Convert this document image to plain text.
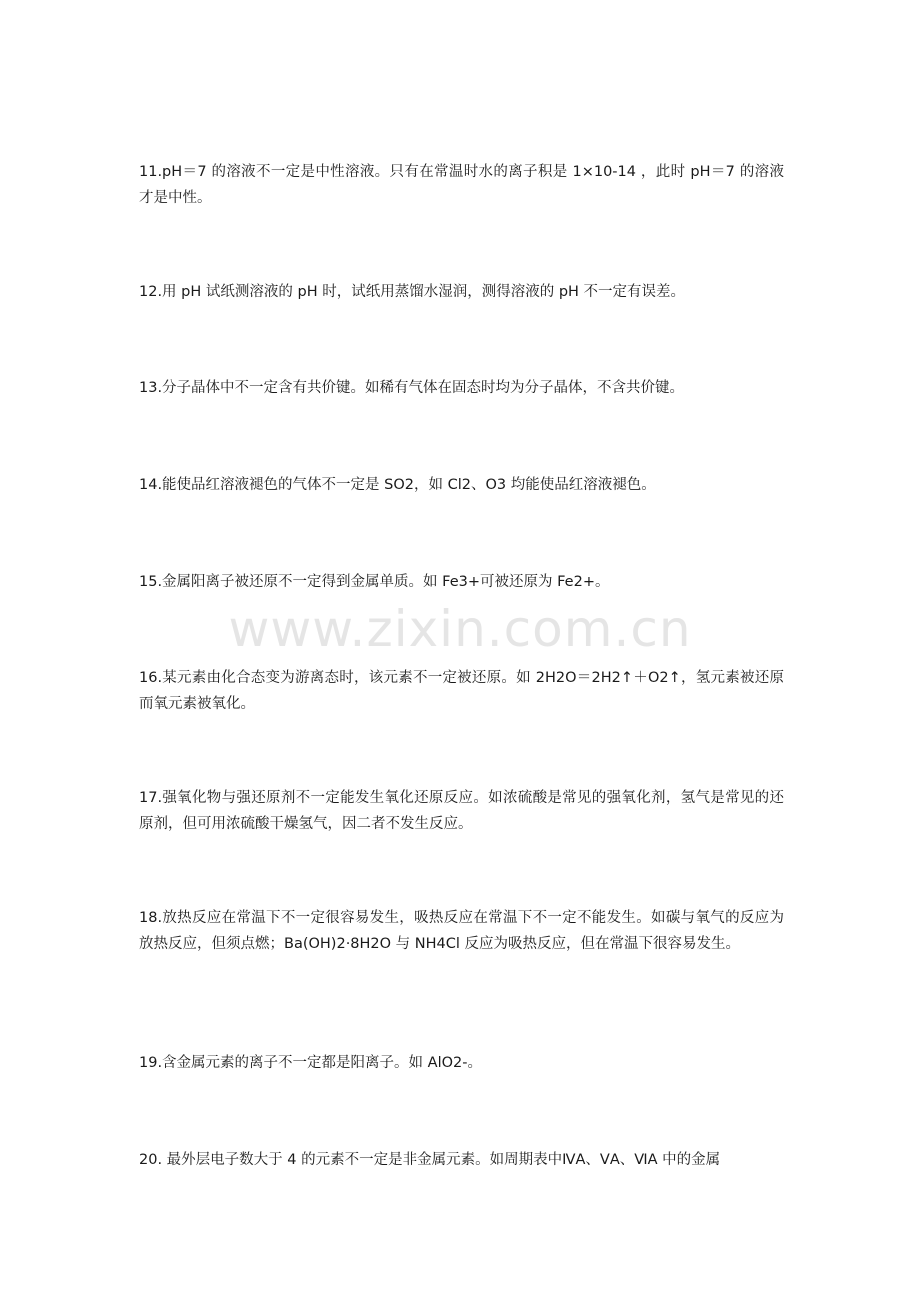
11.pH＝7 的溶液不一定是中性溶液。只有在常温时水的离子积是 1×10-14 ，此时 pH＝7 的溶液才是中性。

12.用 pH 试纸测溶液的 pH 时，试纸用蒸馏水湿润，测得溶液的 pH 不一定有误差。

13.分子晶体中不一定含有共价键。如稀有气体在固态时均为分子晶体，不含共价键。

14.能使品红溶液褪色的气体不一定是 SO2，如 Cl2、O3 均能使品红溶液褪色。

15.金属阳离子被还原不一定得到金属单质。如 Fe3+可被还原为 Fe2+。

16.某元素由化合态变为游离态时，该元素不一定被还原。如 2H2O＝2H2↑＋O2↑，氢元素被还原而氧元素被氧化。

17.强氧化物与强还原剂不一定能发生氧化还原反应。如浓硫酸是常见的强氧化剂，氢气是常见的还原剂，但可用浓硫酸干燥氢气，因二者不发生反应。

18.放热反应在常温下不一定很容易发生，吸热反应在常温下不一定不能发生。如碳与氧气的反应为放热反应，但须点燃；Ba(OH)2·8H2O 与 NH4Cl 反应为吸热反应，但在常温下很容易发生。

19.含金属元素的离子不一定都是阳离子。如 AlO2-。

20. 最外层电子数大于 4 的元素不一定是非金属元素。如周期表中ⅣA、ⅤA、ⅥA 中的金属

www.zixin.com.cn
